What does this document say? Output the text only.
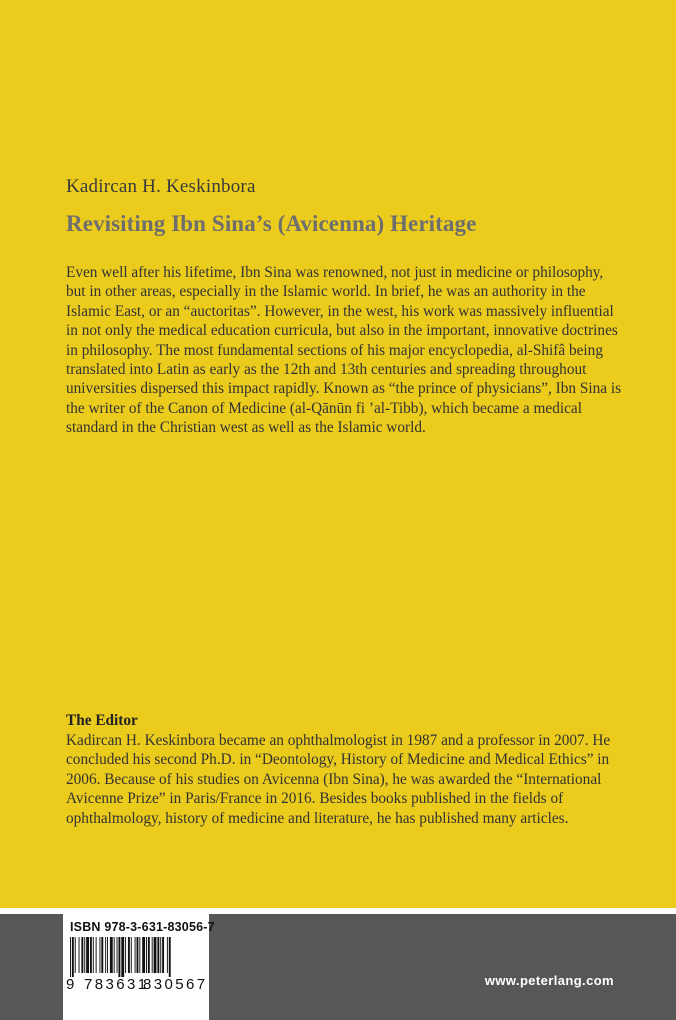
Kadircan H. Keskinbora
Revisiting Ibn Sina’s (Avicenna) Heritage

Even well after his lifetime, Ibn Sina was renowned, not just in medicine or philosophy, but in other areas, especially in the Islamic world. In brief, he was an authority in the Islamic East, or an “auctoritas”. However, in the west, his work was massively influential in not only the medical education curricula, but also in the important, innovative doctrines in philosophy. The most fundamental sections of his major encyclopedia, al-Shifâ being translated into Latin as early as the 12th and 13th centuries and spreading throughout universities dispersed this impact rapidly. Known as “the prince of physicians”, Ibn Sina is the writer of the Canon of Medicine (al-Qānūn fi ’al-Tibb), which became a medical standard in the Christian west as well as the Islamic world.

The Editor

Kadircan H. Keskinbora became an ophthalmologist in 1987 and a professor in 2007. He concluded his second Ph.D. in “Deontology, History of Medicine and Medical Ethics” in 2006. Because of his studies on Avicenna (Ibn Sina), he was awarded the “International Avicenne Prize” in Paris/France in 2016. Besides books published in the fields of ophthalmology, history of medicine and literature, he has published many articles.

ISBN 978-3-631-83056-7
9 783631
830567	www.peterlang.com
